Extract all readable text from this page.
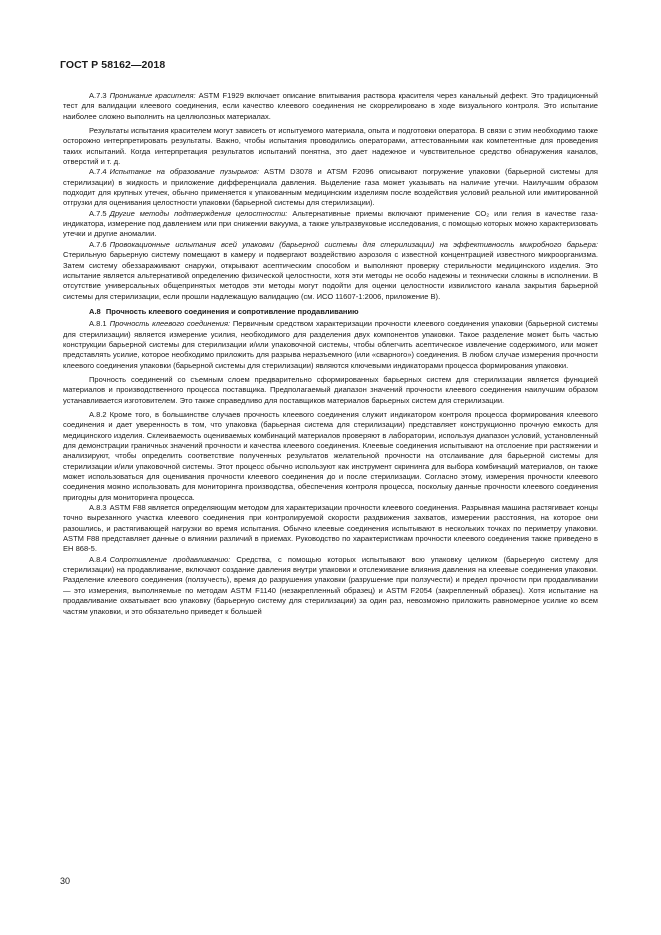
ГОСТ Р 58162—2018

A.7.3 Проникание красителя: ASTM F1929 включает описание впитывания раствора красителя через канальный дефект. Это традиционный тест для валидации клеевого соединения, если качество клеевого соединения не скоррелировано в ходе визуального контроля. Это испытание наиболее сложно выполнить на целлюлозных материалах.

Результаты испытания красителем могут зависеть от испытуемого материала, опыта и подготовки оператора. В связи с этим необходимо также осторожно интерпретировать результаты. Важно, чтобы испытания проводились операторами, аттестованными как компетентные для проведения таких испытаний. Когда интерпретация результатов испытаний понятна, это дает надежное и чувствительное средство обнаружения каналов, отверстий и т. д.

A.7.4 Испытание на образование пузырьков: ASTM D3078 и ATSM F2096 описывают погружение упаковки (барьерной системы для стерилизации) в жидкость и приложение дифференциала давления. Выделение газа может указывать на наличие утечки. Наилучшим образом подходит для крупных утечек, обычно применяется к упакованным медицинским изделиям после воздействия условий реальной или имитированной отгрузки для оценивания целостности упаковки (барьерной системы для стерилизации).

A.7.5 Другие методы подтверждения целостности: Альтернативные приемы включают применение CO₂ или гелия в качестве газа-индикатора, измерение под давлением или при снижении вакуума, а также ультразвуковые исследования, с помощью которых можно характеризовать утечки и другие аномалии.

A.7.6 Провокационные испытания всей упаковки (барьерной системы для стерилизации) на эффективность микробного барьера: Стерильную барьерную систему помещают в камеру и подвергают воздействию аэрозоля с известной концентрацией известного микроорганизма. Затем систему обеззараживают снаружи, открывают асептическим способом и выполняют проверку стерильности медицинского изделия. Это испытание является альтернативой определению физической целостности, хотя эти методы не особо надежны и технически сложны в исполнении. В отсутствие универсальных общепринятых методов эти методы могут подойти для оценки целостности извилистого канала закрытия барьерной системы для стерилизации, если прошли надлежащую валидацию (см. ИСО 11607-1:2006, приложение В).

А.8 Прочность клеевого соединения и сопротивление продавливанию

А.8.1 Прочность клеевого соединения: Первичным средством характеризации прочности клеевого соединения упаковки (барьерной системы для стерилизации) является измерение усилия, необходимого для разделения двух компонентов упаковки. Такое разделение может быть частью конструкции барьерной системы для стерилизации и/или упаковочной системы, чтобы облегчить асептическое извлечение содержимого, или может представлять усилие, которое необходимо приложить для разрыва неразъемного (или «сварного») соединения. В любом случае измерения прочности клеевого соединения упаковки (барьерной системы для стерилизации) являются ключевыми индикаторами процесса формирования упаковки.

Прочность соединений со съемным слоем предварительно сформированных барьерных систем для стерилизации является функцией материалов и производственного процесса поставщика. Предполагаемый диапазон значений прочности клеевого соединения наилучшим образом устанавливается изготовителем. Это также справедливо для поставщиков материалов барьерных систем для стерилизации.

А.8.2 Кроме того, в большинстве случаев прочность клеевого соединения служит индикатором контроля процесса формирования клеевого соединения и дает уверенность в том, что упаковка (барьерная система для стерилизации) представляет конструкционно прочную емкость для медицинского изделия. Склеиваемость оцениваемых комбинаций материалов проверяют в лаборатории, используя диапазон условий, установленный для демонстрации граничных значений прочности и качества клеевого соединения. Клеевые соединения испытывают на отслоение при растяжении и анализируют, чтобы определить соответствие полученных результатов желательной прочности на отслаивание для барьерной системы для стерилизации и/или упаковочной системы. Этот процесс обычно используют как инструмент скрининга для выбора комбинаций материалов, он также может использоваться для оценивания прочности клеевого соединения до и после стерилизации. Согласно этому, измерения прочности клеевого соединения можно использовать для мониторинга производства, обеспечения контроля процесса, поскольку данные прочности клеевого соединения пригодны для мониторинга процесса.

А.8.3 ASTM F88 является определяющим методом для характеризации прочности клеевого соединения. Разрывная машина растягивает концы точно вырезанного участка клеевого соединения при контролируемой скорости раздвижения захватов, измерении расстояния, на которое они разошлись, и растягивающей нагрузки во время испытания. Обычно клеевые соединения испытывают в нескольких точках по периметру упаковки. ASTM F88 представляет данные о влиянии различий в приемах. Руководство по характеристикам прочности клеевого соединения также приведено в ЕН 868-5.

А.8.4 Сопротивление продавливанию: Средства, с помощью которых испытывают всю упаковку целиком (барьерную систему для стерилизации) на продавливание, включают создание давления внутри упаковки и отслеживание влияния давления на клеевые соединения упаковки. Разделение клеевого соединения (ползучесть), время до разрушения упаковки (разрушение при ползучести) и предел прочности при продавливании — это измерения, выполняемые по методам ASTM F1140 (незакрепленный образец) и ASTM F2054 (закрепленный образец). Хотя испытание на продавливание охватывает всю упаковку (барьерную систему для стерилизации) за один раз, невозможно приложить равномерное усилие ко всем частям упаковки, и это обязательно приведет к большей

30
